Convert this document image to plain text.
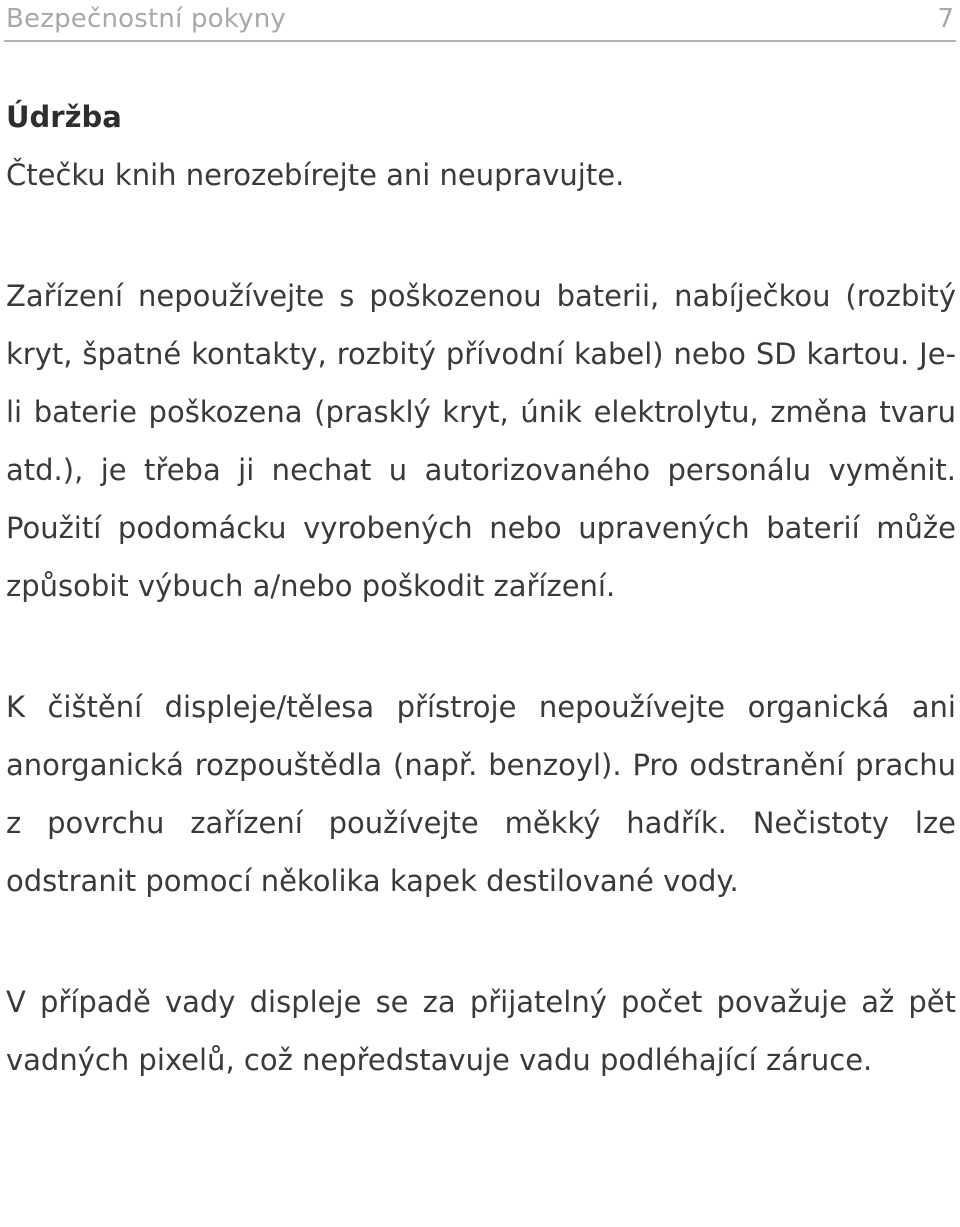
Bezpečnostní pokyny	7
Údržba

Čtečku knih nerozebírejte ani neupravujte.

Zařízení nepoužívejte s poškozenou baterii, nabíječkou (rozbitý kryt, špatné kontakty, rozbitý přívodní kabel) nebo SD kartou. Je-li baterie poškozena (prasklý kryt, únik elektrolytu, změna tvaru atd.), je třeba ji nechat u autorizovaného personálu vyměnit. Použití podomácku vyrobených nebo upravených baterií může způsobit výbuch a/nebo poškodit zařízení.

K čištění displeje/tělesa přístroje nepoužívejte organická ani anorganická rozpouštědla (např. benzoyl). Pro odstranění prachu z povrchu zařízení používejte měkký hadřík. Nečistoty lze odstranit pomocí několika kapek destilované vody.

V případě vady displeje se za přijatelný počet považuje až pět vadných pixelů, což nepředstavuje vadu podléhající záruce.
